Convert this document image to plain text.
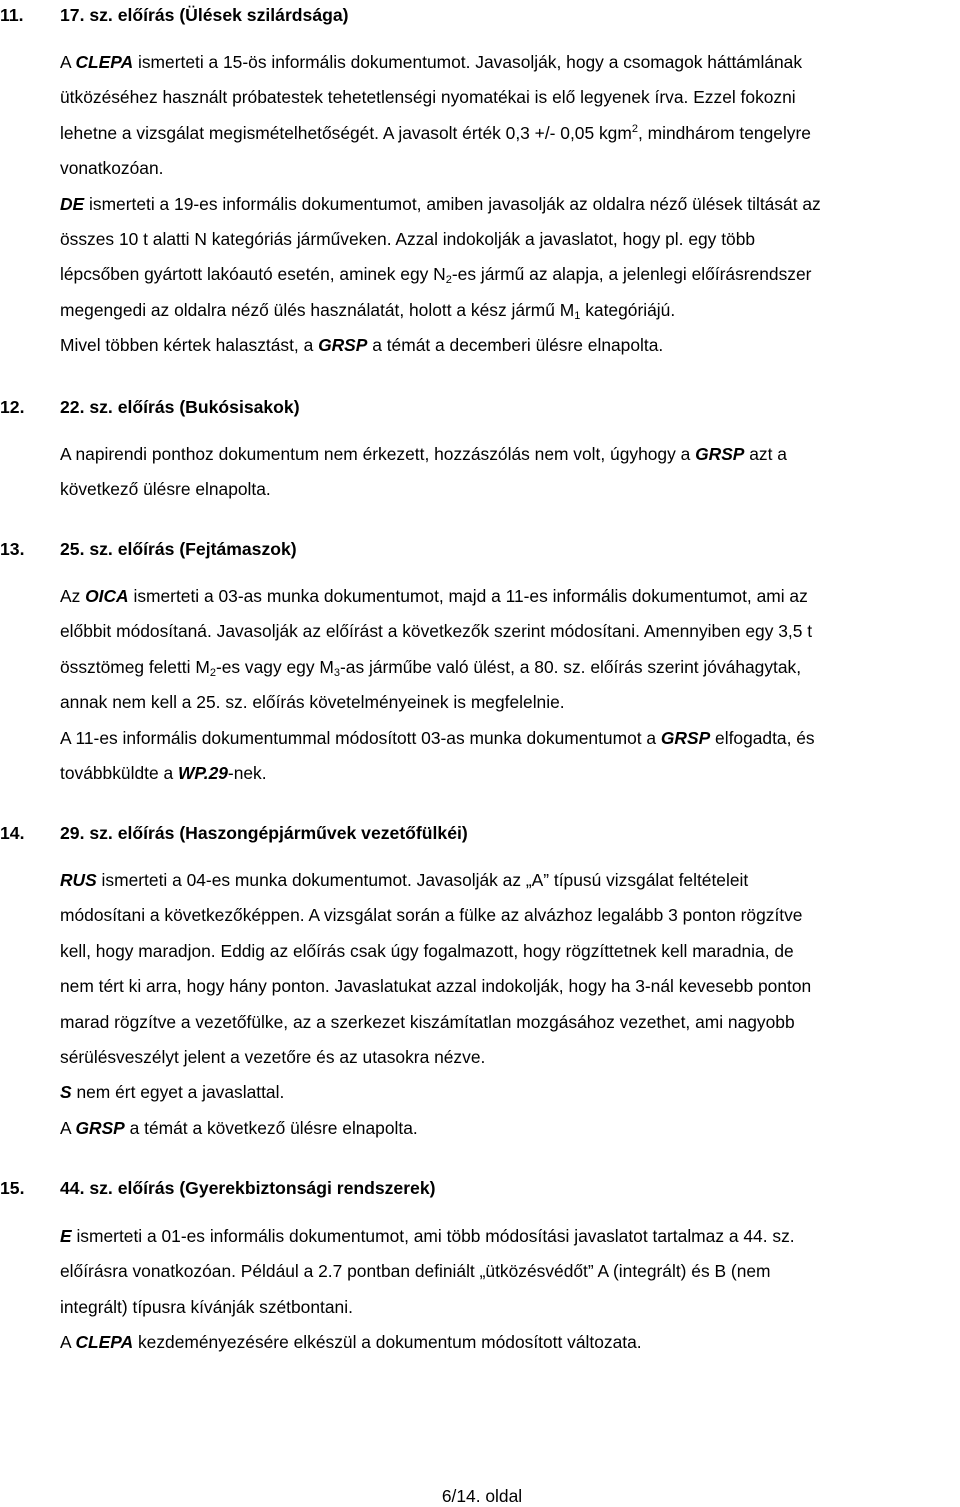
11. 17. sz. előírás (Ülések szilárdsága)
A CLEPA ismerteti a 15-ös informális dokumentumot. Javasolják, hogy a csomagok háttámlának
ütközéséhez használt próbatestek tehetetlenségi nyomatékai is elő legyenek írva. Ezzel fokozni
lehetne a vizsgálat megismételhetőségét. A javasolt érték 0,3 +/- 0,05 kgm$^2$, mindhárom tengelyre
vonatkozóan.
DE ismerteti a 19-es informális dokumentumot, amiben javasolják az oldalra néző ülések tiltását az
összes 10 t alatti N kategóriás járműveken. Azzal indokolják a javaslatot, hogy pl. egy több
lépcsőben gyártott lakóautó esetén, aminek egy $N_2-es$ jármű az alapja, a jelenlegi előírásrendszer
megengedi az oldalra néző ülés használatát, holott a kész jármű $M_1$ kategóriájú.
Mivel többen kértek halasztást, a GRSP a témát a decemberi ülésre elnapolta.
12. 22. sz. előírás (Bukósisakok)
A napirendi ponthoz dokumentum nem érkezett, hozzászólás nem volt, úgyhogy a GRSP azt a
következő ülésre elnapolta.
13. 25. sz. előírás (Fejtámaszok)
Az OICA ismerteti a 03-as munka dokumentumot, majd a 11-es informális dokumentumot, ami az
előbbit módosítaná. Javasolják az előírást a következők szerint módosítani. Amennyiben egy 3,5 t
össztömeg feletti $M_2-es$ vagy egy $M_3-as$ járműbe való ülést, a 80. sz. előírás szerint jóváhagytak,
annak nem kell a 25. sz. előírás követelményeinek is megfelelnie.
A 11-es informális dokumentummal módosított 03-as munka dokumentumot a GRSP elfogadta, és
továbbküldte a WP.29-nek.
14. 29. sz. előírás (Haszongépjárművek vezetőfülkéi)
RUS ismerteti a 04-es munka dokumentumot. Javasolják az „A” típusú vizsgálat feltételeit
módosítani a következőképpen. A vizsgálat során a fülke az alvázhoz legalább 3 ponton rögzítve
kell, hogy maradjon. Eddig az előírás csak úgy fogalmazott, hogy rögzíttetnek kell maradnia, de
nem tért ki arra, hogy hány ponton. Javaslatukat azzal indokolják, hogy ha 3-nál kevesebb ponton
marad rögzítve a vezetőfülke, az a szerkezet kiszámítatlan mozgásához vezethet, ami nagyobb
sérülésveszélyt jelent a vezetőre és az utasokra nézve.
S nem ért egyet a javaslattal.
A GRSP a témát a következő ülésre elnapolta.
15. 44. sz. előírás (Gyerekbiztonsági rendszerek)
E ismerteti a 01-es informális dokumentumot, ami több módosítási javaslatot tartalmaz a 44. sz.
előírásra vonatkozóan. Például a 2.7 pontban definiált „ütközésvédőt” A (integrált) és B (nem
integrált) típusra kívánják szétbontani.
A CLEPA kezdeményezésére elkészül a dokumentum módosított változata.
6/14. oldal
